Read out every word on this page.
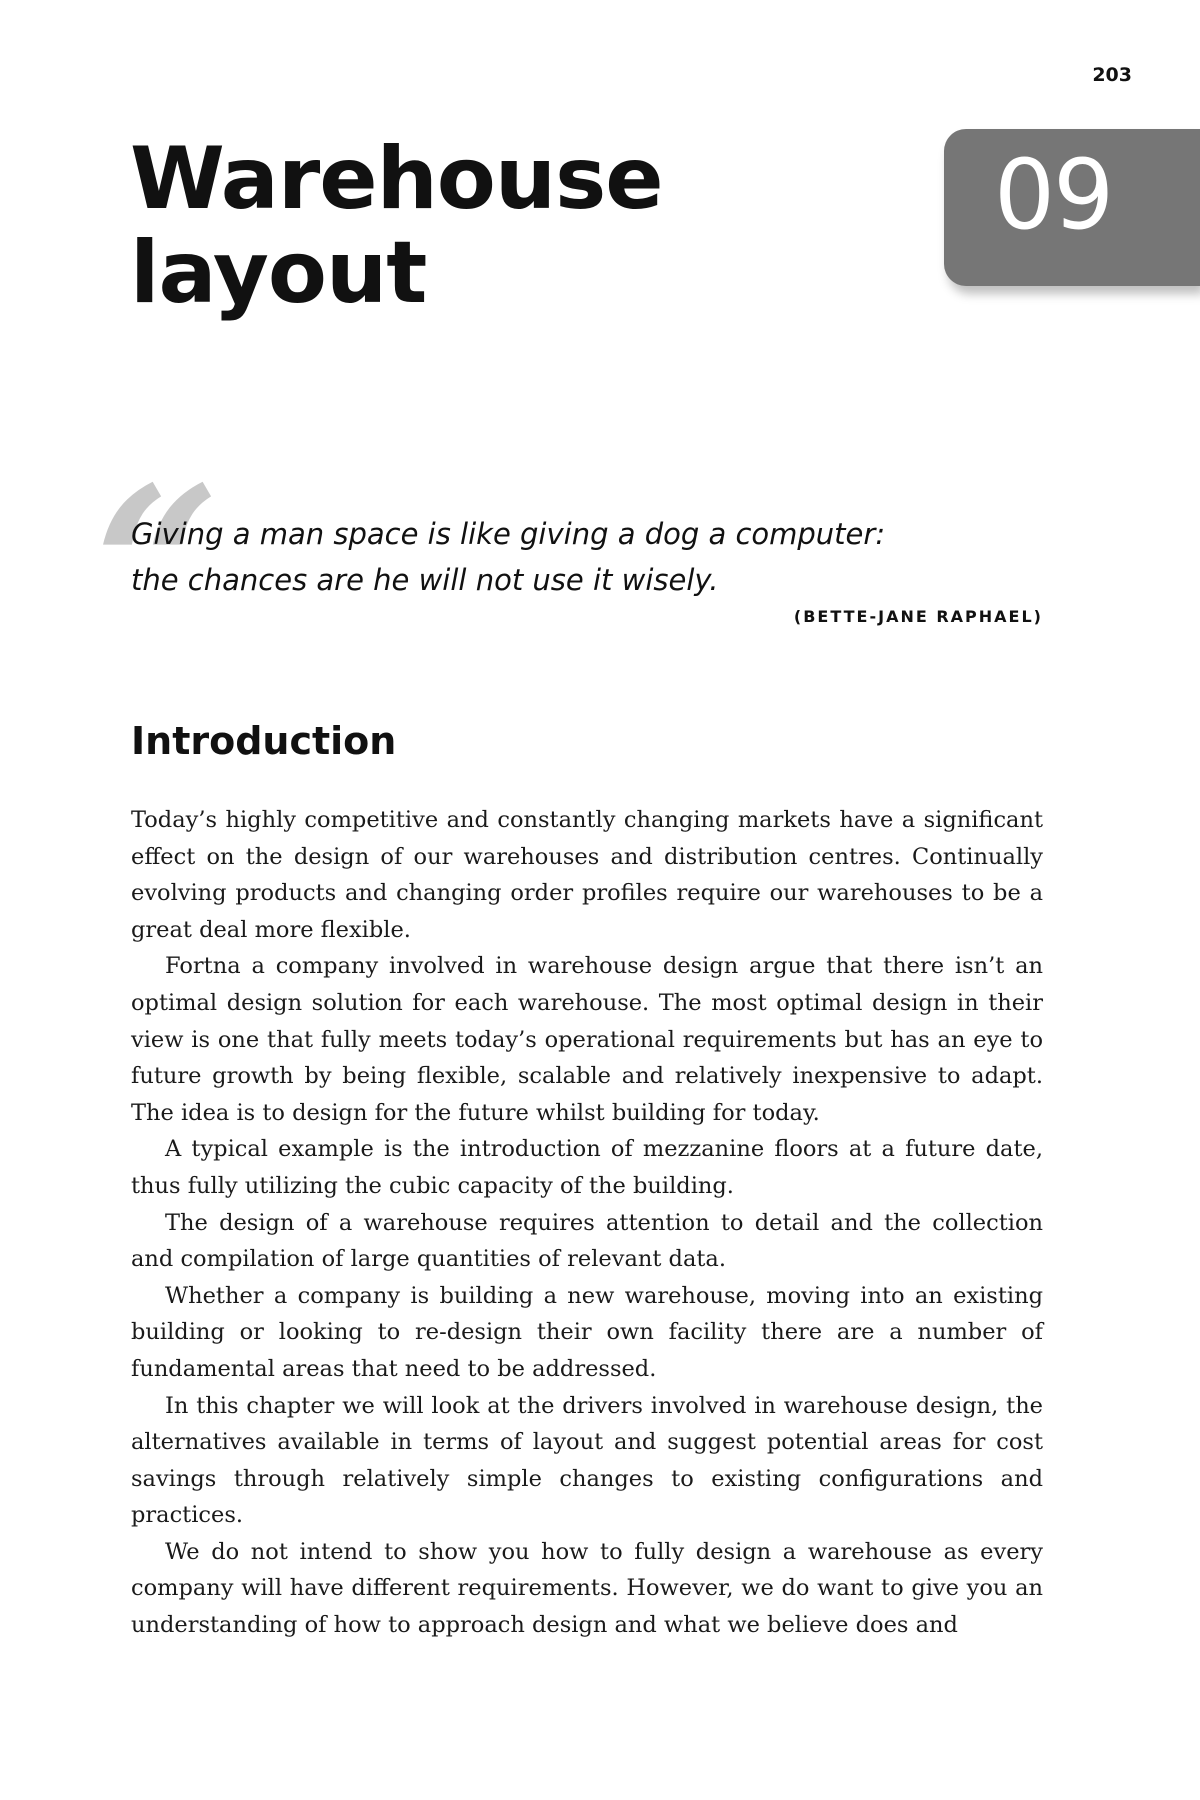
203
09
Warehouse
layout
“

Giving a man space is like giving a dog a computer:
the chances are he will not use it wisely.

(BETTE-JANE RAPHAEL)
Introduction

Today’s highly competitive and constantly changing markets have a significant effect on the design of our warehouses and distribution centres. Continually evolving products and changing order profiles require our warehouses to be a great deal more flexible.

Fortna a company involved in warehouse design argue that there isn’t an optimal design solution for each warehouse. The most optimal design in their view is one that fully meets today’s operational requirements but has an eye to future growth by being flexible, scalable and relatively inexpensive to adapt. The idea is to design for the future whilst building for today.

A typical example is the introduction of mezzanine floors at a future date, thus fully utilizing the cubic capacity of the building.

The design of a warehouse requires attention to detail and the collection and compilation of large quantities of relevant data.

Whether a company is building a new warehouse, moving into an existing building or looking to re-design their own facility there are a number of fundamental areas that need to be addressed.

In this chapter we will look at the drivers involved in warehouse design, the alternatives available in terms of layout and suggest potential areas for cost savings through relatively simple changes to existing configurations and practices.

We do not intend to show you how to fully design a warehouse as every company will have different requirements. However, we do want to give you an understanding of how to approach design and what we believe does and
